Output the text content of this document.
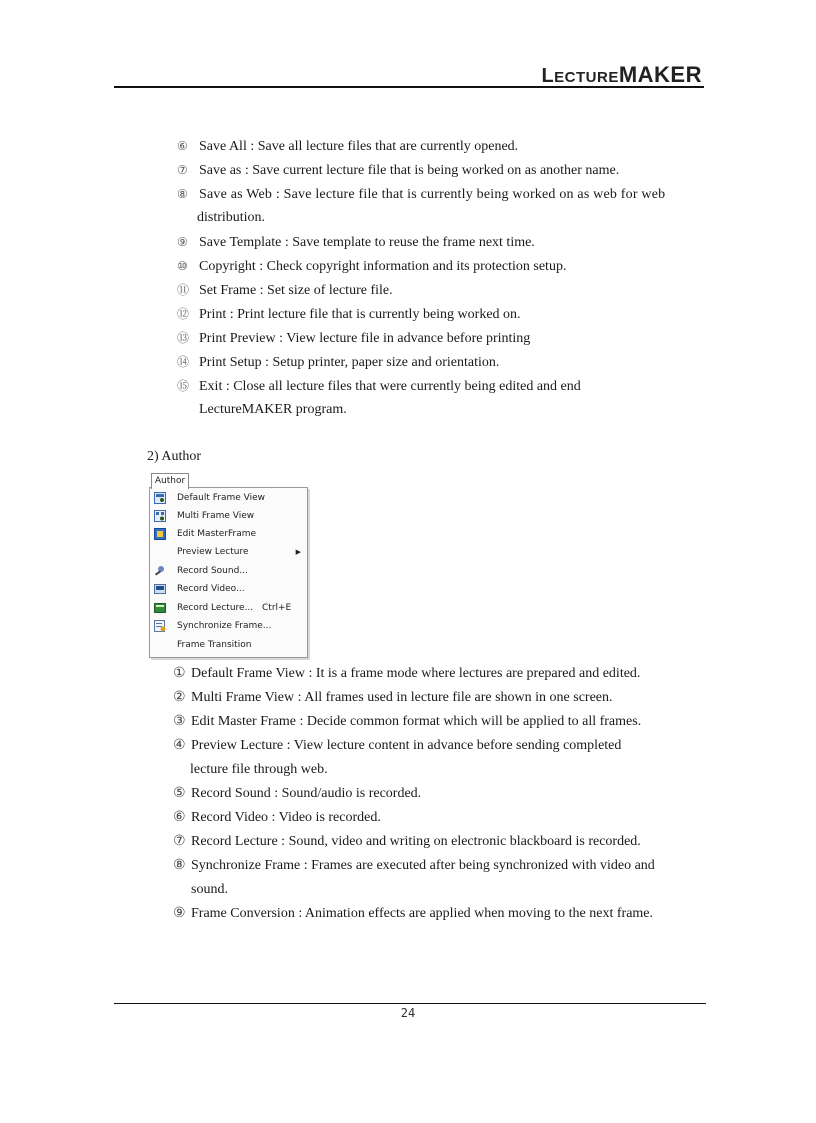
LECTUREMAKER
⑥ Save All : Save all lecture files that are currently opened.
⑦ Save as : Save current lecture file that is being worked on as another name.
⑧ Save as Web : Save lecture file that is currently being worked on as web for web
distribution.
⑨ Save Template : Save template to reuse the frame next time.
⑩ Copyright : Check copyright information and its protection setup.
⑪ Set Frame : Set size of lecture file.
⑫ Print : Print lecture file that is currently being worked on.
⑬ Print Preview : View lecture file in advance before printing
⑭ Print Setup : Setup printer, paper size and orientation.
⑮ Exit : Close all lecture files that were currently being edited and end
LectureMAKER program.
2) Author
Author
Default Frame View
Multi Frame View
Edit MasterFrame
Preview Lecture	▶
Record Sound...
Record Video...
Record Lecture... Ctrl+E
Synchronize Frame...
Frame Transition
① Default Frame View : It is a frame mode where lectures are prepared and edited.
② Multi Frame View : All frames used in lecture file are shown in one screen.
③ Edit Master Frame : Decide common format which will be applied to all frames.
④ Preview Lecture : View lecture content in advance before sending completed
lecture file through web.
⑤ Record Sound : Sound/audio is recorded.
⑥ Record Video : Video is recorded.
⑦ Record Lecture : Sound, video and writing on electronic blackboard is recorded.
⑧ Synchronize Frame : Frames are executed after being synchronized with video and
sound.
⑨ Frame Conversion : Animation effects are applied when moving to the next frame.
24
